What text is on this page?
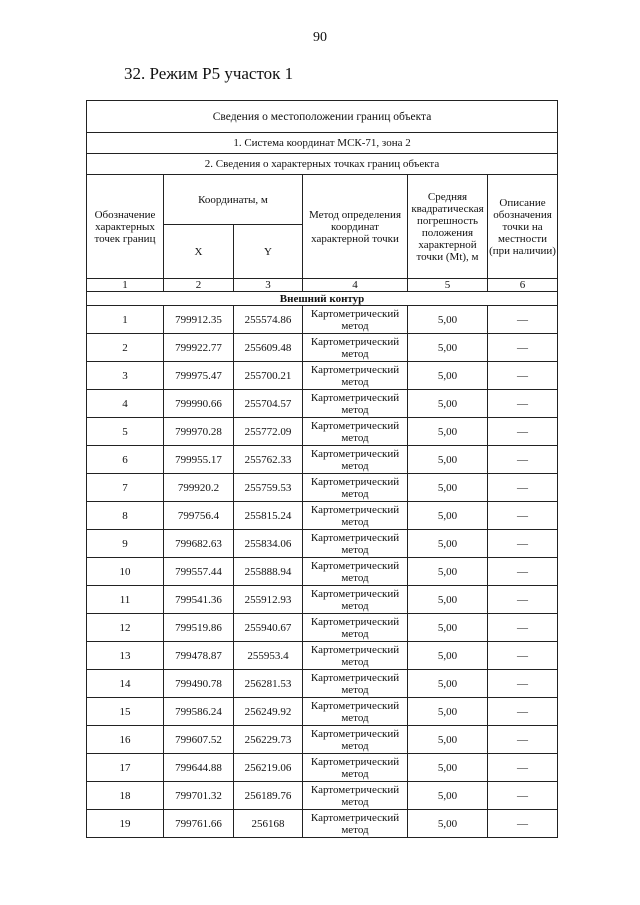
90
32. Режим Р5 участок 1
Сведения о местоположении границ объекта					
1. Система координат МСК-71, зона 2					
2. Сведения о характерных точках границ объекта					
Обозначение характерных точек границ	Координаты, м		Метод определения координат характерной точки	Средняя квадратическая погрешность положения характерной точки (Mt), м	Описание обозначения точки на местности (при наличии)
	X	Y			
1	2	3	4	5	6
Внешний контур					
1	799912.35	255574.86	Картометрический метод	5,00	—
2	799922.77	255609.48	Картометрический метод	5,00	—
3	799975.47	255700.21	Картометрический метод	5,00	—
4	799990.66	255704.57	Картометрический метод	5,00	—
5	799970.28	255772.09	Картометрический метод	5,00	—
6	799955.17	255762.33	Картометрический метод	5,00	—
7	799920.2	255759.53	Картометрический метод	5,00	—
8	799756.4	255815.24	Картометрический метод	5,00	—
9	799682.63	255834.06	Картометрический метод	5,00	—
10	799557.44	255888.94	Картометрический метод	5,00	—
11	799541.36	255912.93	Картометрический метод	5,00	—
12	799519.86	255940.67	Картометрический метод	5,00	—
13	799478.87	255953.4	Картометрический метод	5,00	—
14	799490.78	256281.53	Картометрический метод	5,00	—
15	799586.24	256249.92	Картометрический метод	5,00	—
16	799607.52	256229.73	Картометрический метод	5,00	—
17	799644.88	256219.06	Картометрический метод	5,00	—
18	799701.32	256189.76	Картометрический метод	5,00	—
19	799761.66	256168	Картометрический метод	5,00	—
